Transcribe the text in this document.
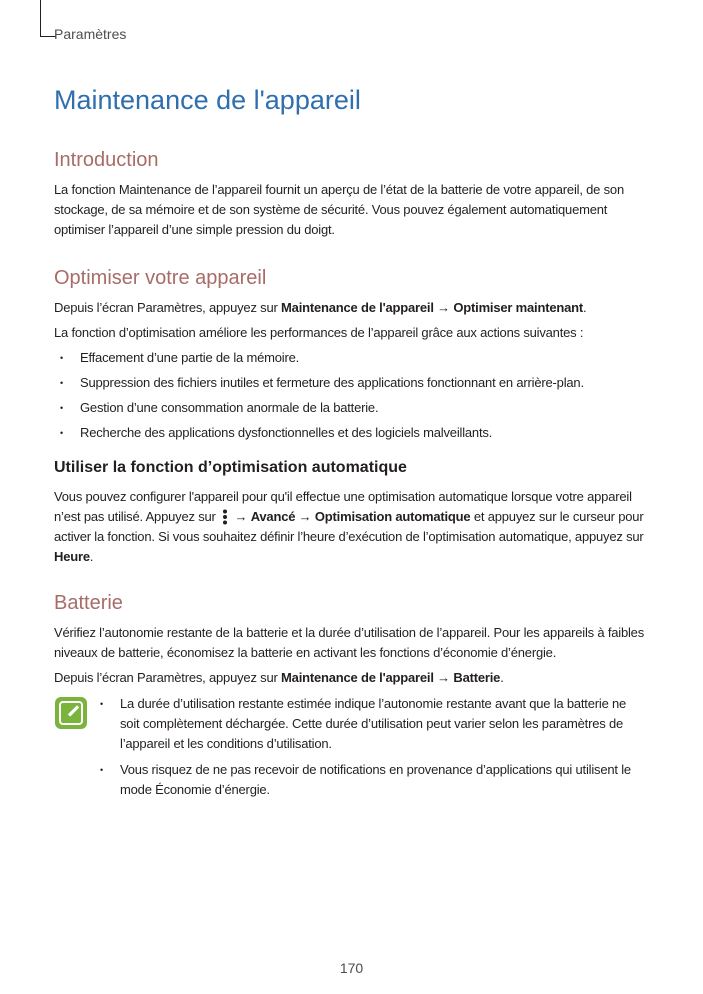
Paramètres
Maintenance de l'appareil
Introduction

La fonction Maintenance de l’appareil fournit un aperçu de l’état de la batterie de votre appareil, de son stockage, de sa mémoire et de son système de sécurité. Vous pouvez également automatiquement optimiser l’appareil d’une simple pression du doigt.

Optimiser votre appareil

Depuis l’écran Paramètres, appuyez sur Maintenance de l'appareil → Optimiser maintenant.

La fonction d’optimisation améliore les performances de l’appareil grâce aux actions suivantes :

• Effacement d’une partie de la mémoire.
• Suppression des fichiers inutiles et fermeture des applications fonctionnant en arrière-plan.
• Gestion d’une consommation anormale de la batterie.
• Recherche des applications dysfonctionnelles et des logiciels malveillants.
Utiliser la fonction d’optimisation automatique

Vous pouvez configurer l'appareil pour qu'il effectue une optimisation automatique lorsque votre appareil n’est pas utilisé. Appuyez sur  → Avancé → Optimisation automatique et appuyez sur le curseur pour activer la fonction. Si vous souhaitez définir l’heure d’exécution de l’optimisation automatique, appuyez sur Heure.

Batterie

Vérifiez l’autonomie restante de la batterie et la durée d’utilisation de l’appareil. Pour les appareils à faibles niveaux de batterie, économisez la batterie en activant les fonctions d’économie d’énergie.

Depuis l’écran Paramètres, appuyez sur Maintenance de l'appareil → Batterie.

• La durée d’utilisation restante estimée indique l’autonomie restante avant que la batterie ne soit complètement déchargée. Cette durée d’utilisation peut varier selon les paramètres de l’appareil et les conditions d’utilisation.
• Vous risquez de ne pas recevoir de notifications en provenance d’applications qui utilisent le mode Économie d’énergie.
170
